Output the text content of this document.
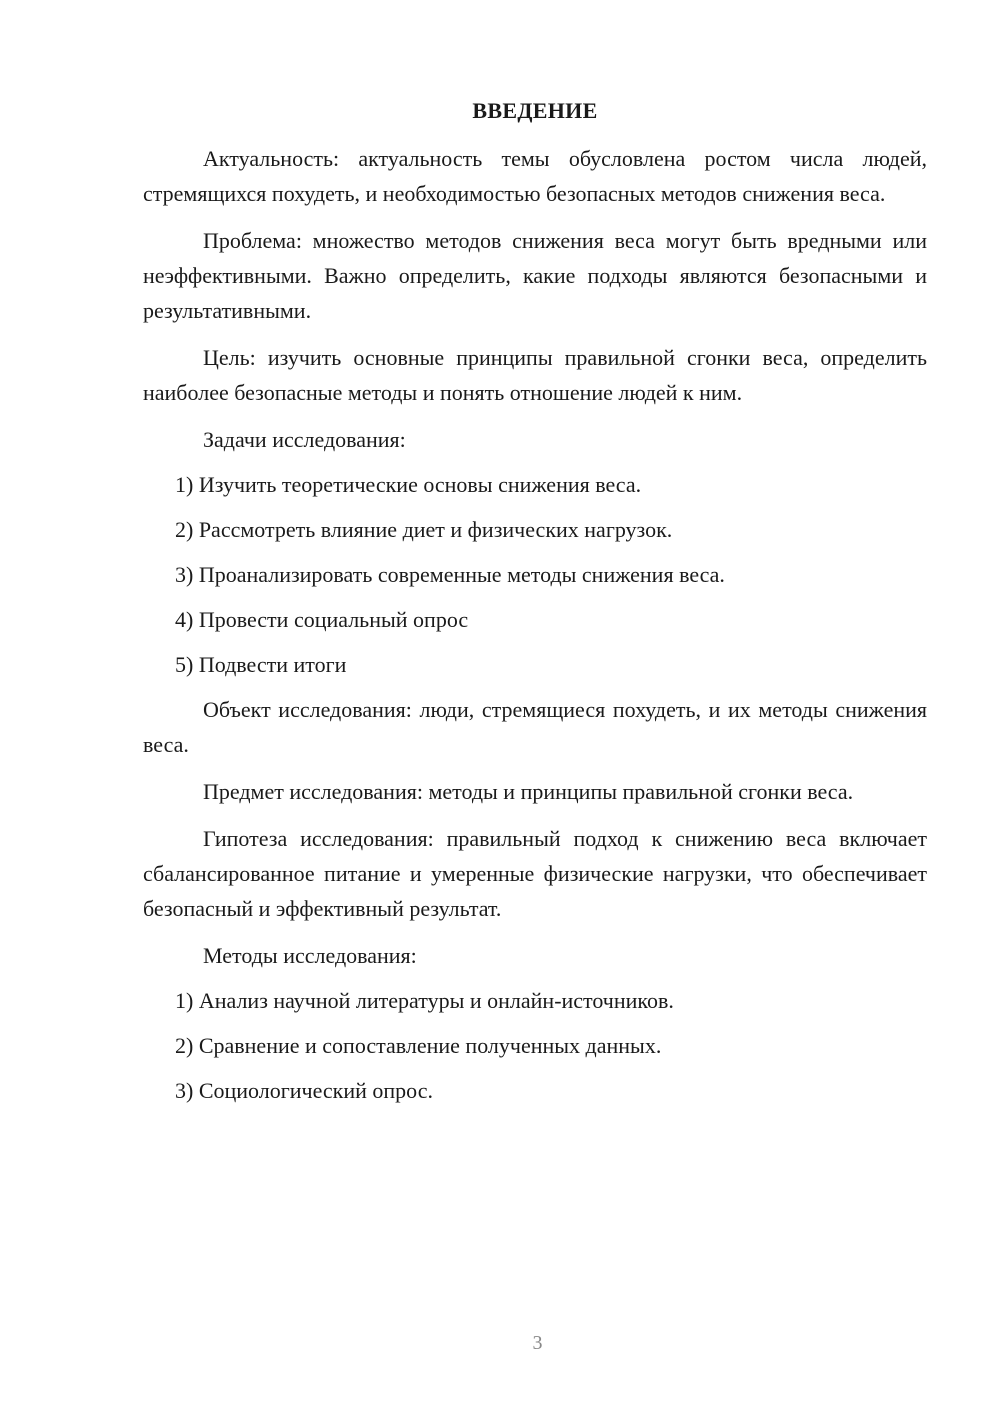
ВВЕДЕНИЕ

Актуальность: актуальность темы обусловлена ростом числа людей, стремящихся похудеть, и необходимостью безопасных методов снижения веса.

Проблема: множество методов снижения веса могут быть вредными или неэффективными. Важно определить, какие подходы являются безопасными и результативными.

Цель: изучить основные принципы правильной сгонки веса, определить наиболее безопасные методы и понять отношение людей к ним.

Задачи исследования:

1) Изучить теоретические основы снижения веса.
2) Рассмотреть влияние диет и физических нагрузок.
3) Проанализировать современные методы снижения веса.
4) Провести социальный опрос
5) Подвести итоги

Объект исследования: люди, стремящиеся похудеть, и их методы снижения веса.

Предмет исследования: методы и принципы правильной сгонки веса.

Гипотеза исследования: правильный подход к снижению веса включает сбалансированное питание и умеренные физические нагрузки, что обеспечивает безопасный и эффективный результат.

Методы исследования:

1) Анализ научной литературы и онлайн-источников.
2) Сравнение и сопоставление полученных данных.
3) Социологический опрос.
3
